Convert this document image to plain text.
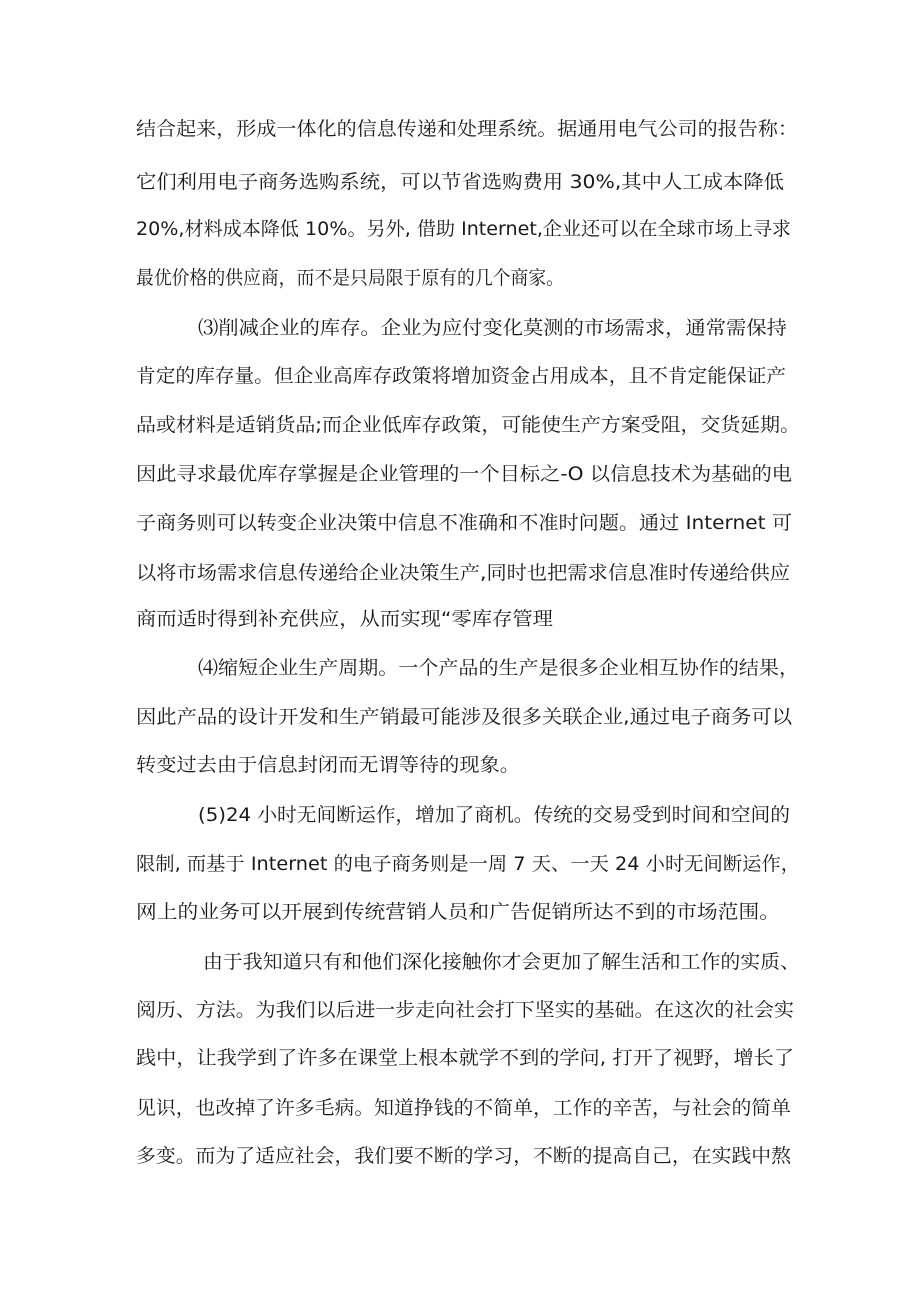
结合起来，形成一体化的信息传递和处理系统。据通用电气公司的报告称：
它们利用电子商务选购系统，可以节省选购费用 30%,其中人工成本降低
20%,材料成本降低 10%。另外, 借助 Internet,企业还可以在全球市场上寻求
最优价格的供应商，而不是只局限于原有的几个商家。
⑶削减企业的库存。企业为应付变化莫测的市场需求，通常需保持
肯定的库存量。但企业高库存政策将增加资金占用成本，且不肯定能保证产
品或材料是适销货品;而企业低库存政策，可能使生产方案受阻，交货延期。
因此寻求最优库存掌握是企业管理的一个目标之-O 以信息技术为基础的电
子商务则可以转变企业决策中信息不准确和不准时问题。通过 Internet 可
以将市场需求信息传递给企业决策生产,同时也把需求信息准时传递给供应
商而适时得到补充供应，从而实现“零库存管理
⑷缩短企业生产周期。一个产品的生产是很多企业相互协作的结果，
因此产品的设计开发和生产销最可能涉及很多关联企业,通过电子商务可以
转变过去由于信息封闭而无谓等待的现象。
(5)24 小时无间断运作，增加了商机。传统的交易受到时间和空间的
限制, 而基于 Internet 的电子商务则是一周 7 天、一天 24 小时无间断运作，
网上的业务可以开展到传统营销人员和广告促销所达不到的市场范围。
由于我知道只有和他们深化接触你才会更加了解生活和工作的实质、
阅历、方法。为我们以后进一步走向社会打下坚实的基础。在这次的社会实
践中，让我学到了许多在课堂上根本就学不到的学问, 打开了视野，增长了
见识，也改掉了许多毛病。知道挣钱的不简单，工作的辛苦，与社会的简单
多变。而为了适应社会，我们要不断的学习，不断的提高自己，在实践中熬
